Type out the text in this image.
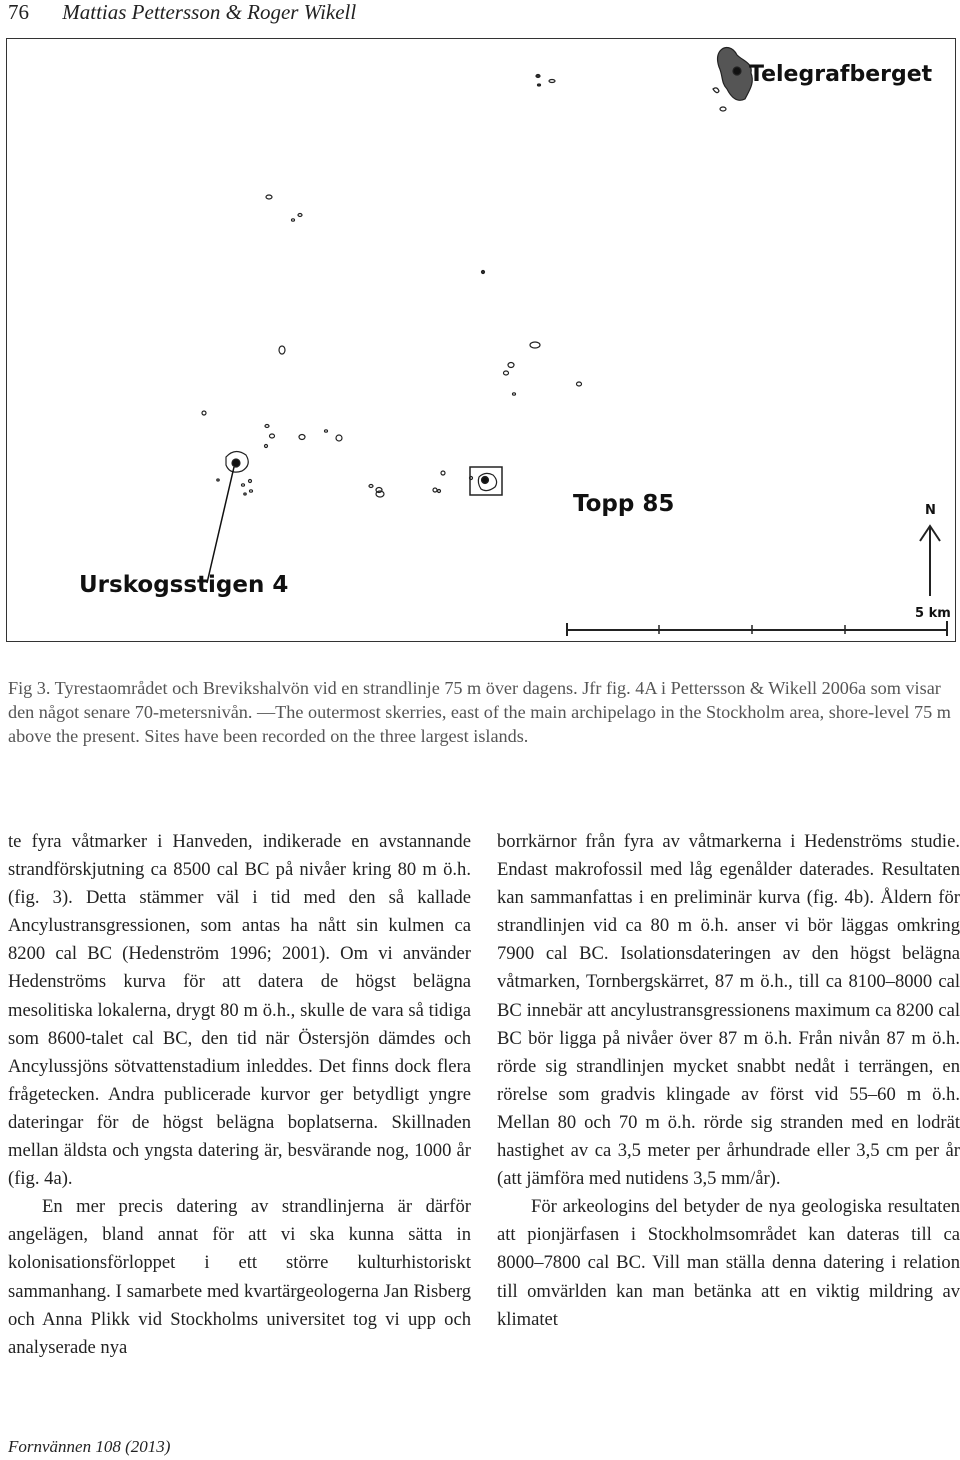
76 Mattias Pettersson & Roger Wikell
Telegrafberget
Topp 85
Urskogsstigen 4
N
5 km
Fig 3. Tyrestaområdet och Brevikshalvön vid en strandlinje 75 m över dagens. Jfr fig. 4A i Pettersson & Wikell 2006a som visar den något senare 70-metersnivån. —The outermost skerries, east of the main archipelago in the Stockholm area, shore-level 75 m above the present. Sites have been recorded on the three largest islands.

te fyra våtmarker i Hanveden, indikerade en avstannande strandförskjutning ca 8500 cal BC på nivåer kring 80 m ö.h. (fig. 3). Detta stämmer väl i tid med den så kallade Ancylustransgressionen, som antas ha nått sin kulmen ca 8200 cal BC (Hedenström 1996; 2001). Om vi använder Hedenströms kurva för att datera de högst belägna mesolitiska lokalerna, drygt 80 m ö.h., skulle de vara så tidiga som 8600-talet cal BC, den tid när Östersjön dämdes och Ancylussjöns sötvattenstadium inleddes. Det finns dock flera frågetecken. Andra publicerade kurvor ger betydligt yngre dateringar för de högst belägna boplatserna. Skillnaden mellan äldsta och yngsta datering är, besvärande nog, 1000 år (fig. 4a).

En mer precis datering av strandlinjerna är därför angelägen, bland annat för att vi ska kunna sätta in kolonisationsförloppet i ett större kulturhistoriskt sammanhang. I samarbete med kvartärgeologerna Jan Risberg och Anna Plikk vid Stockholms universitet tog vi upp och analyserade nya

borrkärnor från fyra av våtmarkerna i Hedenströms studie. Endast makrofossil med låg egenålder daterades. Resultaten kan sammanfattas i en preliminär kurva (fig. 4b). Åldern för strandlinjen vid ca 80 m ö.h. anser vi bör läggas omkring 7900 cal BC. Isolationsdateringen av den högst belägna våtmarken, Tornbergskärret, 87 m ö.h., till ca 8100–8000 cal BC innebär att ancylustransgressionens maximum ca 8200 cal BC bör ligga på nivåer över 87 m ö.h. Från nivån 87 m ö.h. rörde sig strandlinjen mycket snabbt nedåt i terrängen, en rörelse som gradvis klingade av först vid 55–60 m ö.h. Mellan 80 och 70 m ö.h. rörde sig stranden med en lodrät hastighet av ca 3,5 meter per århundrade eller 3,5 cm per år (att jämföra med nutidens 3,5 mm/år).

För arkeologins del betyder de nya geologiska resultaten att pionjärfasen i Stockholmsområdet kan dateras till ca 8000–7800 cal BC. Vill man ställa denna datering i relation till omvärlden kan man betänka att en viktig mildring av klimatet

Fornvännen 108 (2013)
